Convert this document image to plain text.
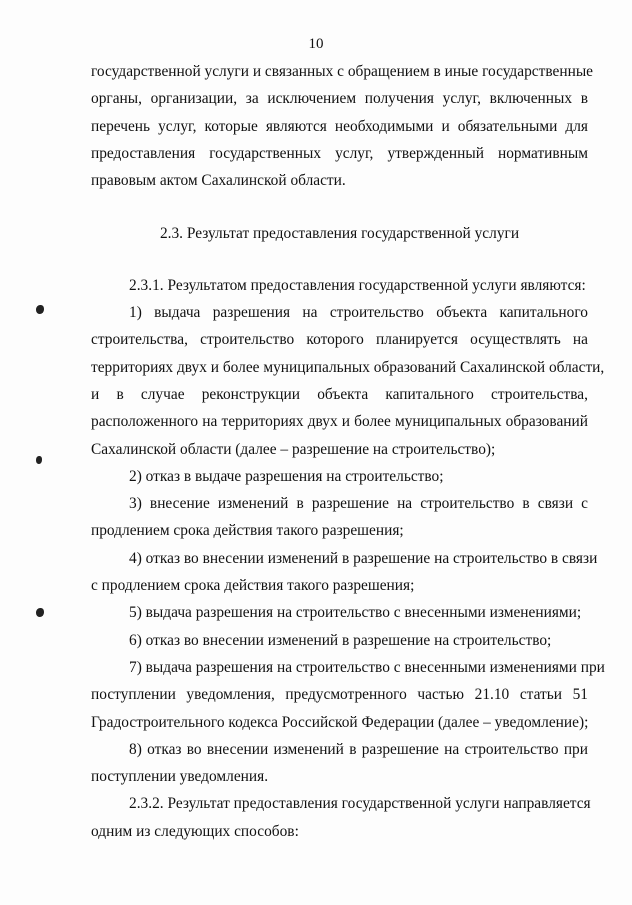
10
государственной услуги и связанных с обращением в иные государственные
органы, организации, за исключением получения услуг, включенных в
перечень услуг, которые являются необходимыми и обязательными для
предоставления государственных услуг, утвержденный нормативным
правовым актом Сахалинской области.
2.3. Результат предоставления государственной услуги
2.3.1. Результатом предоставления государственной услуги являются:
1) выдача разрешения на строительство объекта капитального
строительства, строительство которого планируется осуществлять на
территориях двух и более муниципальных образований Сахалинской области,
и в случае реконструкции объекта капитального строительства,
расположенного на территориях двух и более муниципальных образований
Сахалинской области (далее – разрешение на строительство);
2) отказ в выдаче разрешения на строительство;
3) внесение изменений в разрешение на строительство в связи с
продлением срока действия такого разрешения;
4) отказ во внесении изменений в разрешение на строительство в связи
с продлением срока действия такого разрешения;
5) выдача разрешения на строительство с внесенными изменениями;
6) отказ во внесении изменений в разрешение на строительство;
7) выдача разрешения на строительство с внесенными изменениями при
поступлении уведомления, предусмотренного частью 21.10 статьи 51
Градостроительного кодекса Российской Федерации (далее – уведомление);
8) отказ во внесении изменений в разрешение на строительство при
поступлении уведомления.
2.3.2. Результат предоставления государственной услуги направляется
одним из следующих способов:
